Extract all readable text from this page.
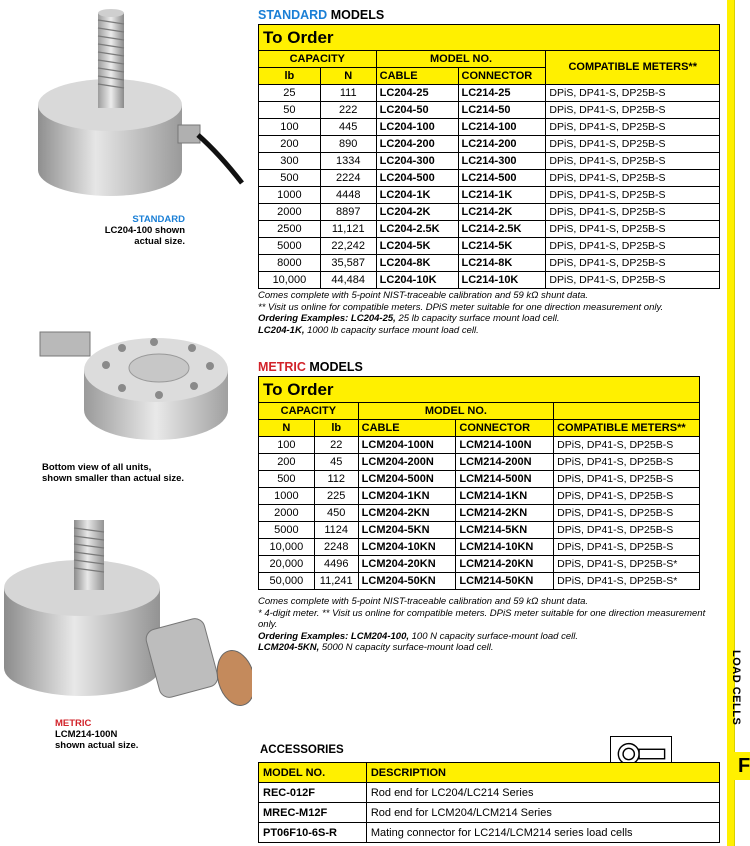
LOAD CELLS
F
STANDARD
LC204-100 shown
actual size.
Bottom view of all units,
shown smaller than actual size.
METRIC
LCM214-100N
shown actual size.
STANDARD MODELS
To Order				
CAPACITY		MODEL NO.		COMPATIBLE METERS**
lb	N	CABLE	CONNECTOR	
25	111	LC204-25	LC214-25	DPiS, DP41-S, DP25B-S
50	222	LC204-50	LC214-50	DPiS, DP41-S, DP25B-S
100	445	LC204-100	LC214-100	DPiS, DP41-S, DP25B-S
200	890	LC204-200	LC214-200	DPiS, DP41-S, DP25B-S
300	1334	LC204-300	LC214-300	DPiS, DP41-S, DP25B-S
500	2224	LC204-500	LC214-500	DPiS, DP41-S, DP25B-S
1000	4448	LC204-1K	LC214-1K	DPiS, DP41-S, DP25B-S
2000	8897	LC204-2K	LC214-2K	DPiS, DP41-S, DP25B-S
2500	11,121	LC204-2.5K	LC214-2.5K	DPiS, DP41-S, DP25B-S
5000	22,242	LC204-5K	LC214-5K	DPiS, DP41-S, DP25B-S
8000	35,587	LC204-8K	LC214-8K	DPiS, DP41-S, DP25B-S
10,000	44,484	LC204-10K	LC214-10K	DPiS, DP41-S, DP25B-S
Comes complete with 5-point NIST-traceable calibration and 59 kΩ shunt data.
** Visit us online for compatible meters. DPiS meter suitable for one direction measurement only.
Ordering Examples: LC204-25, 25 lb capacity surface mount load cell.
LC204-1K, 1000 lb capacity surface mount load cell.
METRIC MODELS
To Order				
CAPACITY		MODEL NO.		
N	lb	CABLE	CONNECTOR	COMPATIBLE METERS**
100	22	LCM204-100N	LCM214-100N	DPiS, DP41-S, DP25B-S
200	45	LCM204-200N	LCM214-200N	DPiS, DP41-S, DP25B-S
500	112	LCM204-500N	LCM214-500N	DPiS, DP41-S, DP25B-S
1000	225	LCM204-1KN	LCM214-1KN	DPiS, DP41-S, DP25B-S
2000	450	LCM204-2KN	LCM214-2KN	DPiS, DP41-S, DP25B-S
5000	1124	LCM204-5KN	LCM214-5KN	DPiS, DP41-S, DP25B-S
10,000	2248	LCM204-10KN	LCM214-10KN	DPiS, DP41-S, DP25B-S
20,000	4496	LCM204-20KN	LCM214-20KN	DPiS, DP41-S, DP25B-S*
50,000	11,241	LCM204-50KN	LCM214-50KN	DPiS, DP41-S, DP25B-S*
Comes complete with 5-point NIST-traceable calibration and 59 kΩ shunt data.
* 4-digit meter. ** Visit us online for compatible meters. DPiS meter suitable for one direction measurement only.
Ordering Examples: LCM204-100, 100 N capacity surface-mount load cell.
LCM204-5KN, 5000 N capacity surface-mount load cell.
ACCESSORIES
MODEL NO.	DESCRIPTION
REC-012F	Rod end for LC204/LC214 Series
MREC-M12F	Rod end for LCM204/LCM214 Series
PT06F10-6S-R	Mating connector for LC214/LCM214 series load cells
